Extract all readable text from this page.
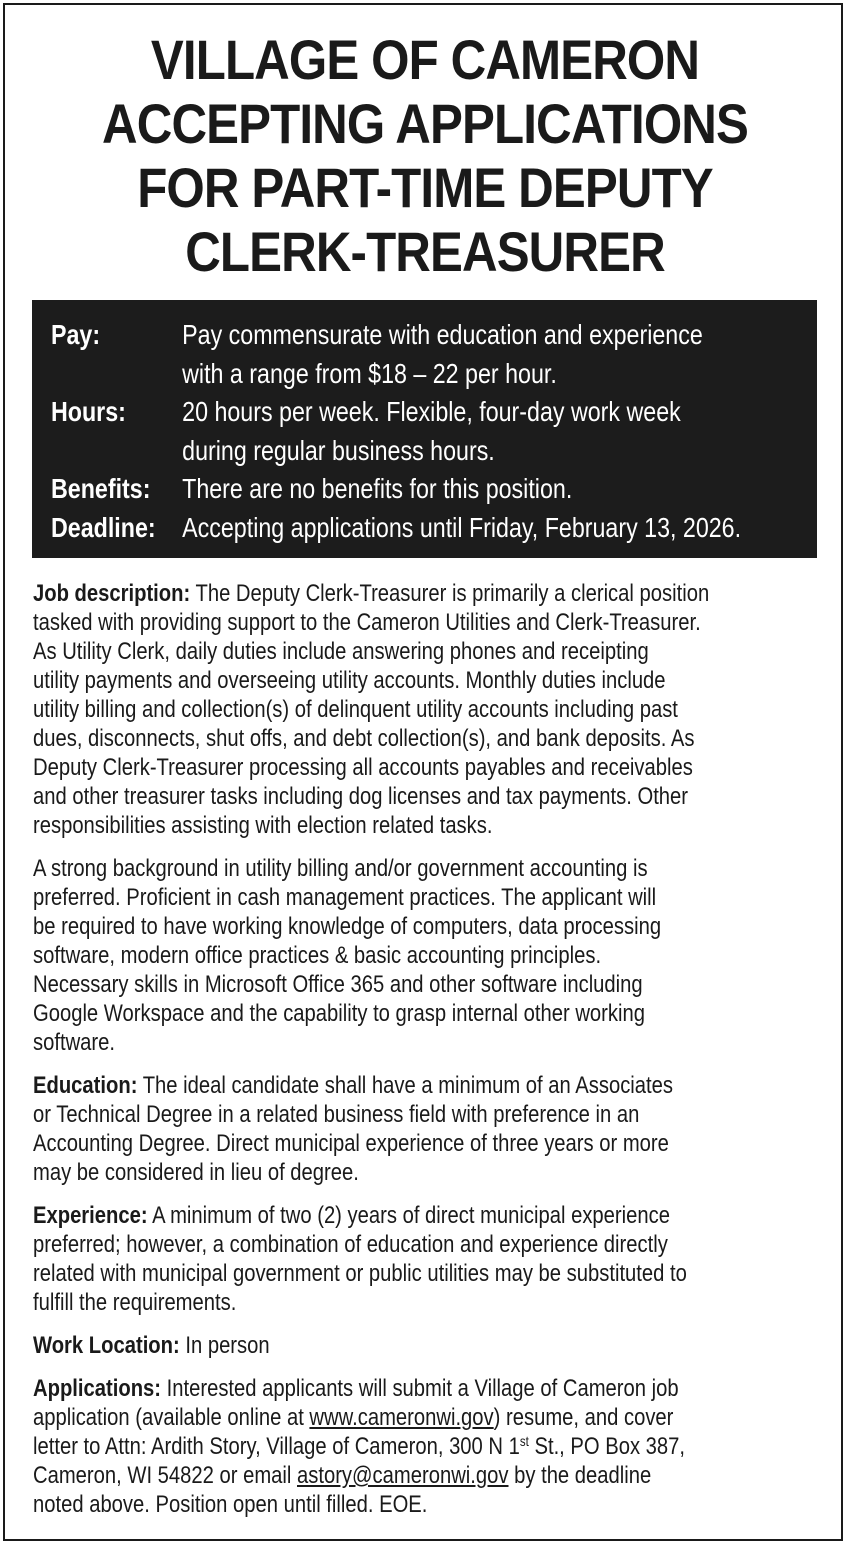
VILLAGE OF CAMERON
ACCEPTING APPLICATIONS
FOR PART-TIME DEPUTY
CLERK-TREASURER
Pay:	Pay commensurate with education and experience
with a range from $18 – 22 per hour.
Hours:	20 hours per week. Flexible, four-day work week
during regular business hours.
Benefits:	There are no benefits for this position.
Deadline: Accepting applications until Friday, February 13, 2026.

Job description: The Deputy Clerk-Treasurer is primarily a clerical position
tasked with providing support to the Cameron Utilities and Clerk-Treasurer.
As Utility Clerk, daily duties include answering phones and receipting
utility payments and overseeing utility accounts. Monthly duties include
utility billing and collection(s) of delinquent utility accounts including past
dues, disconnects, shut offs, and debt collection(s), and bank deposits. As
Deputy Clerk-Treasurer processing all accounts payables and receivables
and other treasurer tasks including dog licenses and tax payments. Other
responsibilities assisting with election related tasks.

A strong background in utility billing and/or government accounting is
preferred. Proficient in cash management practices. The applicant will
be required to have working knowledge of computers, data processing
software, modern office practices & basic accounting principles.
Necessary skills in Microsoft Office 365 and other software including
Google Workspace and the capability to grasp internal other working
software.

Education: The ideal candidate shall have a minimum of an Associates
or Technical Degree in a related business field with preference in an
Accounting Degree. Direct municipal experience of three years or more
may be considered in lieu of degree.

Experience: A minimum of two (2) years of direct municipal experience
preferred; however, a combination of education and experience directly
related with municipal government or public utilities may be substituted to
fulfill the requirements.

Work Location: In person

Applications: Interested applicants will submit a Village of Cameron job
application (available online at www.cameronwi.gov) resume, and cover
letter to Attn: Ardith Story, Village of Cameron, 300 N 1st St., PO Box 387,
Cameron, WI 54822 or email astory@cameronwi.gov by the deadline
noted above. Position open until filled. EOE.
